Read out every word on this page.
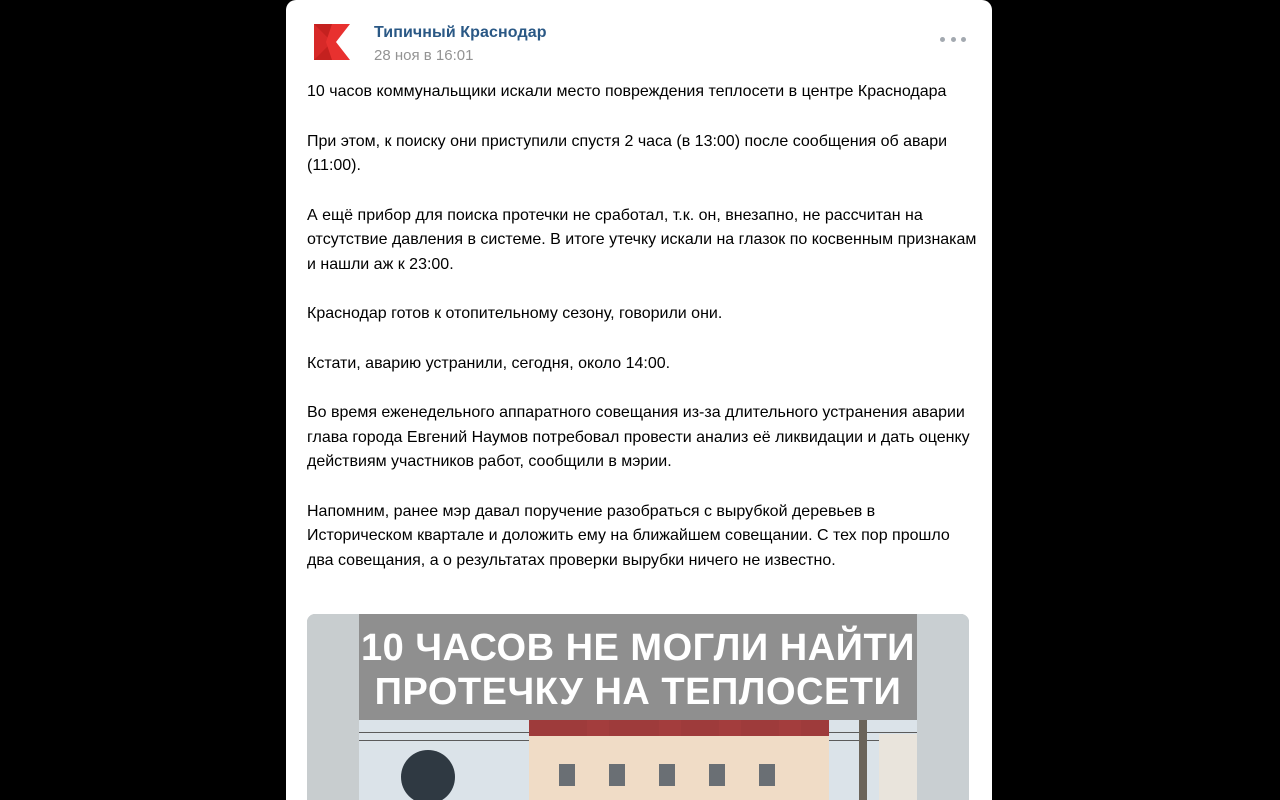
Типичный Краснодар
28 ноя в 16:01

10 часов коммунальщики искали место повреждения теплосети в центре Краснодара

При этом, к поиску они приступили спустя 2 часа (в 13:00) после сообщения об авари (11:00).

А ещё прибор для поиска протечки не сработал, т.к. он, внезапно, не рассчитан на отсутствие давления в системе. В итоге утечку искали на глазок по косвенным признакам и нашли аж к 23:00.

Краснодар готов к отопительному сезону, говорили они.

Кстати, аварию устранили, сегодня, около 14:00.

Во время еженедельного аппаратного совещания из-за длительного устранения аварии глава города Евгений Наумов потребовал провести анализ её ликвидации и дать оценку действиям участников работ, сообщили в мэрии.

Напомним, ранее мэр давал поручение разобраться с вырубкой деревьев в Историческом квартале и доложить ему на ближайшем совещании. С тех пор прошло два совещания, а о результатах проверки вырубки ничего не известно.

10 ЧАСОВ НЕ МОГЛИ НАЙТИ
ПРОТЕЧКУ НА ТЕПЛОСЕТИ
